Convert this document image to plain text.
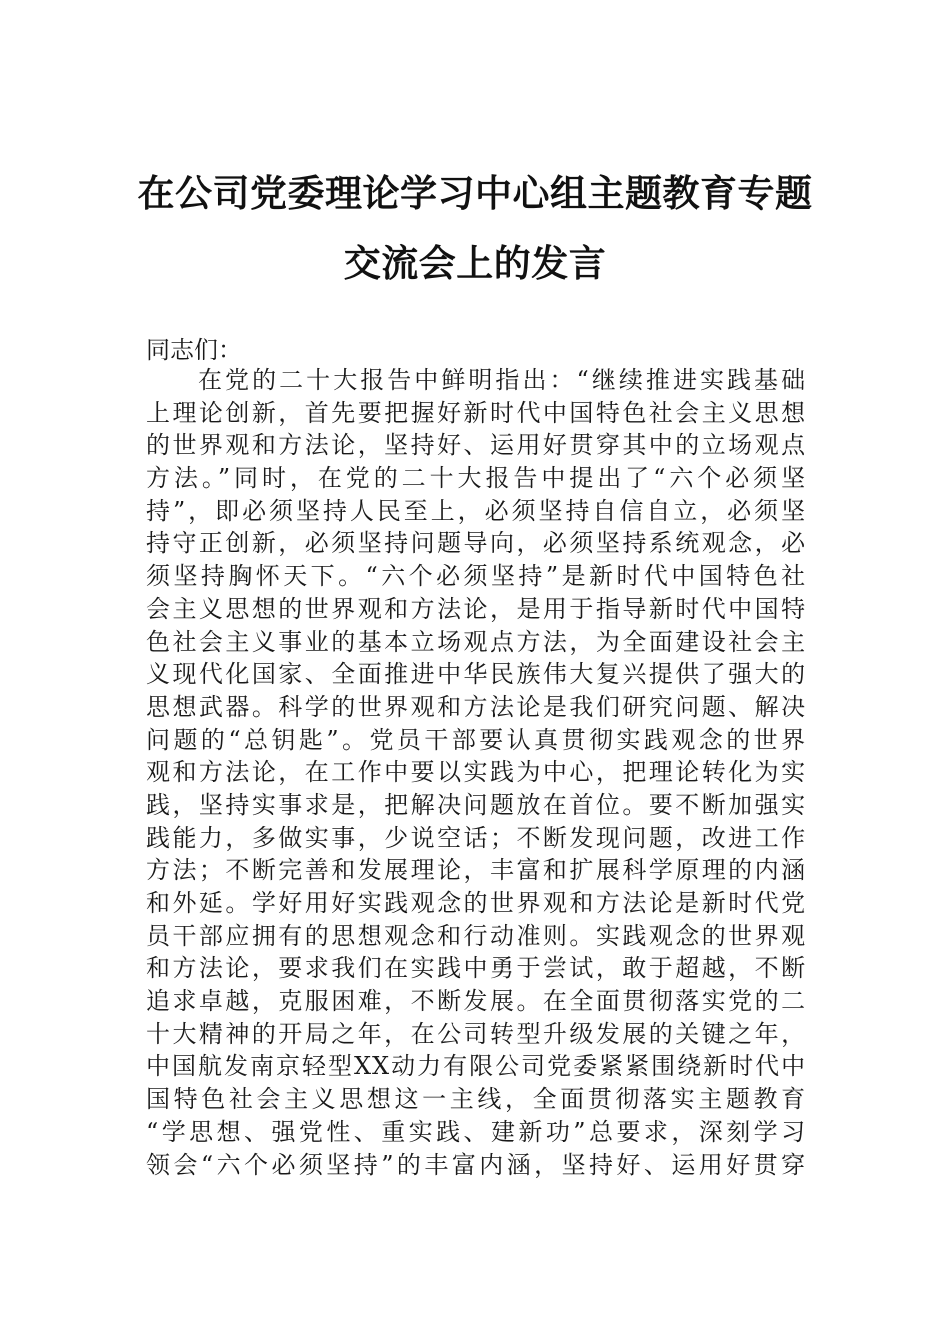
在公司党委理论学习中心组主题教育专题
交流会上的发言
同志们：
在党的二十大报告中鲜明指出：“继续推进实践基础
上理论创新，首先要把握好新时代中国特色社会主义思想
的世界观和方法论，坚持好、运用好贯穿其中的立场观点
方法。”同时，在党的二十大报告中提出了“六个必须坚
持”，即必须坚持人民至上，必须坚持自信自立，必须坚
持守正创新，必须坚持问题导向，必须坚持系统观念，必
须坚持胸怀天下。“六个必须坚持”是新时代中国特色社
会主义思想的世界观和方法论，是用于指导新时代中国特
色社会主义事业的基本立场观点方法，为全面建设社会主
义现代化国家、全面推进中华民族伟大复兴提供了强大的
思想武器。科学的世界观和方法论是我们研究问题、解决
问题的“总钥匙”。党员干部要认真贯彻实践观念的世界
观和方法论，在工作中要以实践为中心，把理论转化为实
践，坚持实事求是，把解决问题放在首位。要不断加强实
践能力，多做实事，少说空话；不断发现问题，改进工作
方法；不断完善和发展理论，丰富和扩展科学原理的内涵
和外延。学好用好实践观念的世界观和方法论是新时代党
员干部应拥有的思想观念和行动准则。实践观念的世界观
和方法论，要求我们在实践中勇于尝试，敢于超越，不断
追求卓越，克服困难，不断发展。在全面贯彻落实党的二
十大精神的开局之年，在公司转型升级发展的关键之年，
中国航发南京轻型XX动力有限公司党委紧紧围绕新时代中
国特色社会主义思想这一主线，全面贯彻落实主题教育
“学思想、强党性、重实践、建新功”总要求，深刻学习
领会“六个必须坚持”的丰富内涵，坚持好、运用好贯穿
